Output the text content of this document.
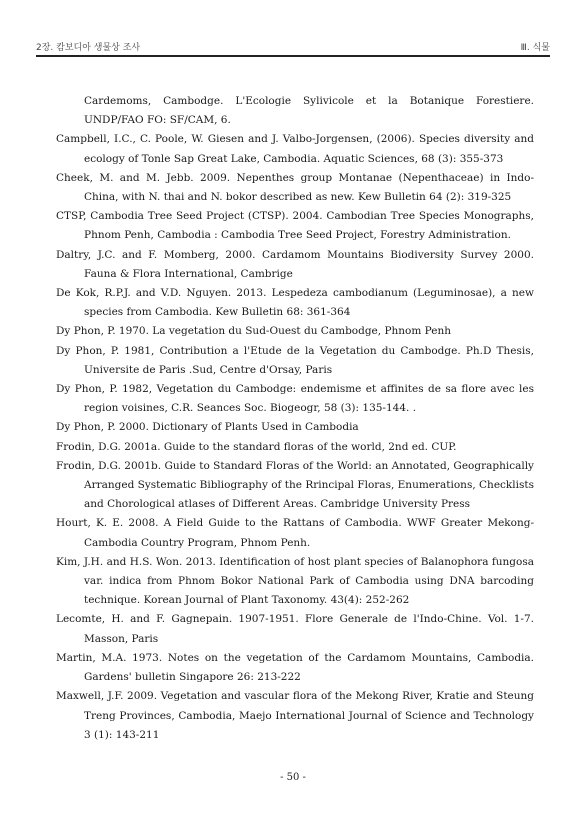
2장. 캄보디아 생물상 조사	Ⅲ. 식물

Cardemoms, Cambodge. L'Ecologie Sylivicole et la Botanique Forestiere. UNDP/FAO FO: SF/CAM, 6.

Campbell, I.C., C. Poole, W. Giesen and J. Valbo-Jorgensen, (2006). Species diversity and ecology of Tonle Sap Great Lake, Cambodia. Aquatic Sciences, 68 (3): 355-373

Cheek, M. and M. Jebb. 2009. Nepenthes group Montanae (Nepenthaceae) in Indo-China, with N. thai and N. bokor described as new. Kew Bulletin 64 (2): 319-325

CTSP, Cambodia Tree Seed Project (CTSP). 2004. Cambodian Tree Species Monographs, Phnom Penh, Cambodia : Cambodia Tree Seed Project, Forestry Administration.

Daltry, J.C. and F. Momberg, 2000. Cardamom Mountains Biodiversity Survey 2000. Fauna & Flora International, Cambrige

De Kok, R.P.J. and V.D. Nguyen. 2013. Lespedeza cambodianum (Leguminosae), a new species from Cambodia. Kew Bulletin 68: 361-364

Dy Phon, P. 1970. La vegetation du Sud-Ouest du Cambodge, Phnom Penh

Dy Phon, P. 1981, Contribution a l'Etude de la Vegetation du Cambodge. Ph.D Thesis, Universite de Paris .Sud, Centre d'Orsay, Paris

Dy Phon, P. 1982, Vegetation du Cambodge: endemisme et affinites de sa flore avec les region voisines, C.R. Seances Soc. Biogeogr, 58 (3): 135-144. .

Dy Phon, P. 2000. Dictionary of Plants Used in Cambodia

Frodin, D.G. 2001a. Guide to the standard floras of the world, 2nd ed. CUP.

Frodin, D.G. 2001b. Guide to Standard Floras of the World: an Annotated, Geographically Arranged Systematic Bibliography of the Rrincipal Floras, Enumerations, Checklists and Chorological atlases of Different Areas. Cambridge University Press

Hourt, K. E. 2008. A Field Guide to the Rattans of Cambodia. WWF Greater Mekong-Cambodia Country Program, Phnom Penh.

Kim, J.H. and H.S. Won. 2013. Identification of host plant species of Balanophora fungosa var. indica from Phnom Bokor National Park of Cambodia using DNA barcoding technique. Korean Journal of Plant Taxonomy. 43(4): 252-262

Lecomte, H. and F. Gagnepain. 1907-1951. Flore Generale de l'Indo-Chine. Vol. 1-7. Masson, Paris

Martin, M.A. 1973. Notes on the vegetation of the Cardamom Mountains, Cambodia. Gardens' bulletin Singapore 26: 213-222

Maxwell, J.F. 2009. Vegetation and vascular flora of the Mekong River, Kratie and Steung Treng Provinces, Cambodia, Maejo International Journal of Science and Technology 3 (1): 143-211

- 50 -
